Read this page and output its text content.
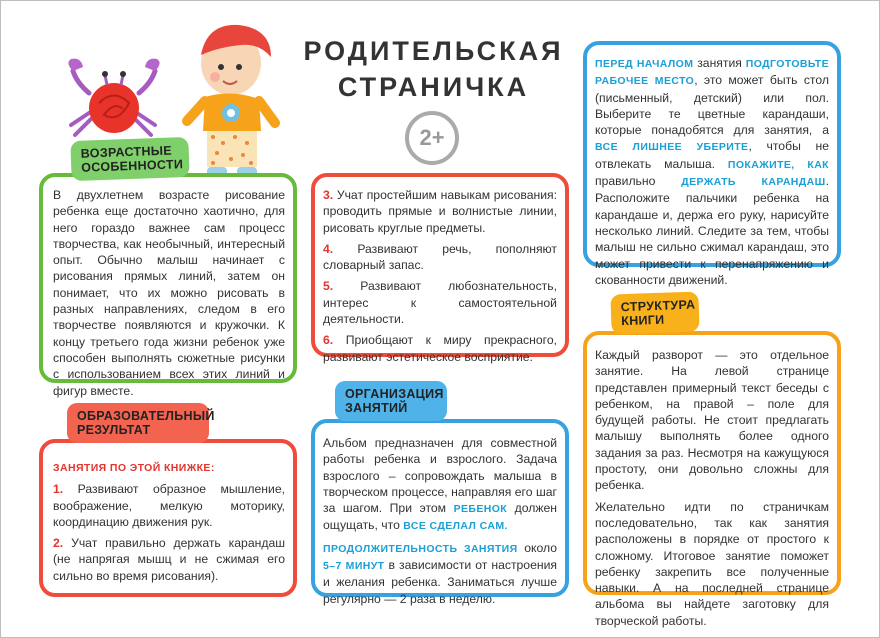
РОДИТЕЛЬСКАЯ
СТРАНИЧКА
2+
ВОЗРАСТНЫЕ ОСОБЕННОСТИ
В двухлетнем возрасте рисование ребенка еще достаточно хаотично, для него гораздо важнее сам процесс творчества, как необычный, интересный опыт. Обычно малыш начинает с рисования прямых линий, затем он понимает, что их можно рисовать в разных направлениях, следом в его творчестве появляются и кружочки. К концу третьего года жизни ребенок уже способен выполнять сюжетные рисунки с использованием всех этих линий и фигур вместе.
ОБРАЗОВАТЕЛЬНЫЙ РЕЗУЛЬТАТ

ЗАНЯТИЯ ПО ЭТОЙ КНИЖКЕ:

1. Развивают образное мышление, воображение, мелкую моторику, координацию движения рук.

2. Учат правильно держать карандаш (не напрягая мышц и не сжимая его сильно во время рисования).

3. Учат простейшим навыкам рисования: проводить прямые и волнистые линии, рисовать круглые предметы.

4. Развивают речь, пополняют словарный запас.

5. Развивают любознательность, интерес к самостоятельной деятельности.

6. Приобщают к миру прекрасного, развивают эстетическое восприятие.

ОРГАНИЗАЦИЯ ЗАНЯТИЙ

Альбом предназначен для совместной работы ребенка и взрослого. Задача взрослого – сопровождать малыша в творческом процессе, направляя его шаг за шагом. При этом РЕБЕНОК должен ощущать, что ВСЕ СДЕЛАЛ САМ.

ПРОДОЛЖИТЕЛЬНОСТЬ ЗАНЯТИЯ около 5–7 МИНУТ в зависимости от настроения и желания ребенка. Заниматься лучше регулярно — 2 раза в неделю.

ПЕРЕД НАЧАЛОМ занятия ПОДГОТОВЬТЕ РАБОЧЕЕ МЕСТО, это может быть стол (письменный, детский) или пол. Выберите те цветные карандаши, которые понадобятся для занятия, а ВСЕ ЛИШНЕЕ УБЕРИТЕ, чтобы не отвлекать малыша. ПОКАЖИТЕ, КАК правильно ДЕРЖАТЬ КАРАНДАШ. Расположите пальчики ребенка на карандаше и, держа его руку, нарисуйте несколько линий. Следите за тем, чтобы малыш не сильно сжимал карандаш, это может привести к перенапряжению и скованности движений.

СТРУКТУРА КНИГИ

Каждый разворот — это отдельное занятие. На левой странице представлен примерный текст беседы с ребенком, на правой – поле для будущей работы. Не стоит предлагать малышу выполнять более одного задания за раз. Несмотря на кажущуюся простоту, они довольно сложны для ребенка.

Желательно идти по страничкам последовательно, так как занятия расположены в порядке от простого к сложному. Итоговое занятие поможет ребенку закрепить все полученные навыки. А на последней странице альбома вы найдете заготовку для творческой работы.
